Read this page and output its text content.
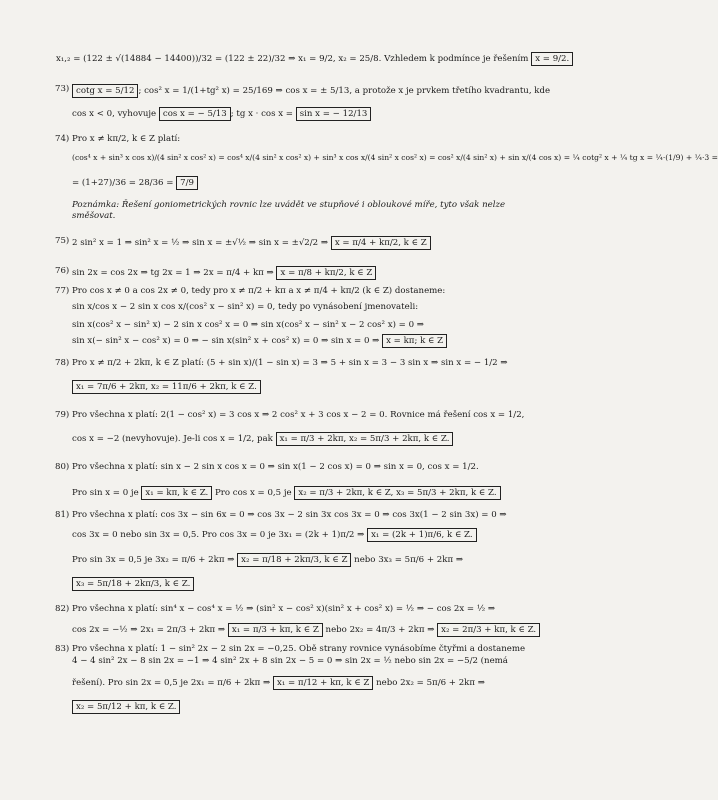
x₁,₂ = (122 ± √(14884 − 14400))/32 = (122 ± 22)/32 ⇒ x₁ = 9/2, x₂ = 25/8. Vzhledem k podmínce je řešením x = 9/2.
73) cotg x = 5/12 ; cos² x = 1/(1+tg² x) = 25/169 ⇒ cos x = ± 5/13, a protože x je prvkem třetího kvadrantu, kde
cos x < 0, vyhovuje cos x = − 5/13 ; tg x · cos x = sin x = − 12/13
74) Pro x ≠ kπ/2, k ∈ Z platí:
(cos⁴ x + sin³ x cos x)/(4 sin² x cos² x) = cos⁴ x/(4 sin² x cos² x) + sin³ x cos x/(4 sin² x cos² x) = cos² x/(4 sin² x) + sin x/(4 cos x) = ¼ cotg² x + ¼ tg x = ¼·(1/9) + ¼·3 =
= (1+27)/36 = 28/36 = 7/9
Poznámka: Řešení goniometrických rovnic lze uvádět ve stupňové i obloukové míře, tyto však nelze směšovat.
75) 2 sin² x = 1 ⇒ sin² x = ½ ⇒ sin x = ±√½ ⇒ sin x = ±√2/2 ⇒ x = π/4 + kπ/2, k ∈ Z
76) sin 2x = cos 2x ⇒ tg 2x = 1 ⇒ 2x = π/4 + kπ ⇒ x = π/8 + kπ/2, k ∈ Z
77) Pro cos x ≠ 0 a cos 2x ≠ 0, tedy pro x ≠ π/2 + kπ a x ≠ π/4 + kπ/2 (k ∈ Z) dostaneme:
sin x/cos x − 2 sin x cos x/(cos² x − sin² x) = 0, tedy po vynásobení jmenovateli:
sin x(cos² x − sin² x) − 2 sin x cos² x = 0 ⇒ sin x(cos² x − sin² x − 2 cos² x) = 0 ⇒
sin x(− sin² x − cos² x) = 0 ⇒ − sin x(sin² x + cos² x) = 0 ⇒ sin x = 0 ⇒ x = kπ; k ∈ Z
78) Pro x ≠ π/2 + 2kπ, k ∈ Z platí: (5 + sin x)/(1 − sin x) = 3 ⇒ 5 + sin x = 3 − 3 sin x ⇒ sin x = − 1/2 ⇒
x₁ = 7π/6 + 2kπ, x₂ = 11π/6 + 2kπ, k ∈ Z.
79) Pro všechna x platí: 2(1 − cos² x) = 3 cos x ⇒ 2 cos² x + 3 cos x − 2 = 0. Rovnice má řešení cos x = 1/2,
cos x = −2 (nevyhovuje). Je-li cos x = 1/2, pak x₁ = π/3 + 2kπ, x₂ = 5π/3 + 2kπ, k ∈ Z.
80) Pro všechna x platí: sin x − 2 sin x cos x = 0 ⇒ sin x(1 − 2 cos x) = 0 ⇒ sin x = 0, cos x = 1/2.
Pro sin x = 0 je x₁ = kπ, k ∈ Z. Pro cos x = 0,5 je x₂ = π/3 + 2kπ, k ∈ Z, x₃ = 5π/3 + 2kπ, k ∈ Z.
81) Pro všechna x platí: cos 3x − sin 6x = 0 ⇒ cos 3x − 2 sin 3x cos 3x = 0 ⇒ cos 3x(1 − 2 sin 3x) = 0 ⇒
cos 3x = 0 nebo sin 3x = 0,5. Pro cos 3x = 0 je 3x₁ = (2k + 1)π/2 ⇒ x₁ = (2k + 1)π/6, k ∈ Z.
Pro sin 3x = 0,5 je 3x₂ = π/6 + 2kπ ⇒ x₂ = π/18 + 2kπ/3, k ∈ Z nebo 3x₃ = 5π/6 + 2kπ ⇒
x₃ = 5π/18 + 2kπ/3, k ∈ Z.
82) Pro všechna x platí: sin⁴ x − cos⁴ x = ½ ⇒ (sin² x − cos² x)(sin² x + cos² x) = ½ ⇒ − cos 2x = ½ ⇒
cos 2x = −½ ⇒ 2x₁ = 2π/3 + 2kπ ⇒ x₁ = π/3 + kπ, k ∈ Z nebo 2x₂ = 4π/3 + 2kπ ⇒ x₂ = 2π/3 + kπ, k ∈ Z.
83) Pro všechna x platí: 1 − sin² 2x − 2 sin 2x = −0,25. Obě strany rovnice vynásobíme čtyřmi a dostaneme
4 − 4 sin² 2x − 8 sin 2x = −1 ⇒ 4 sin² 2x + 8 sin 2x − 5 = 0 ⇒ sin 2x = ½ nebo sin 2x = −5/2 (nemá
řešení). Pro sin 2x = 0,5 je 2x₁ = π/6 + 2kπ ⇒ x₁ = π/12 + kπ, k ∈ Z nebo 2x₂ = 5π/6 + 2kπ ⇒
x₂ = 5π/12 + kπ, k ∈ Z.
